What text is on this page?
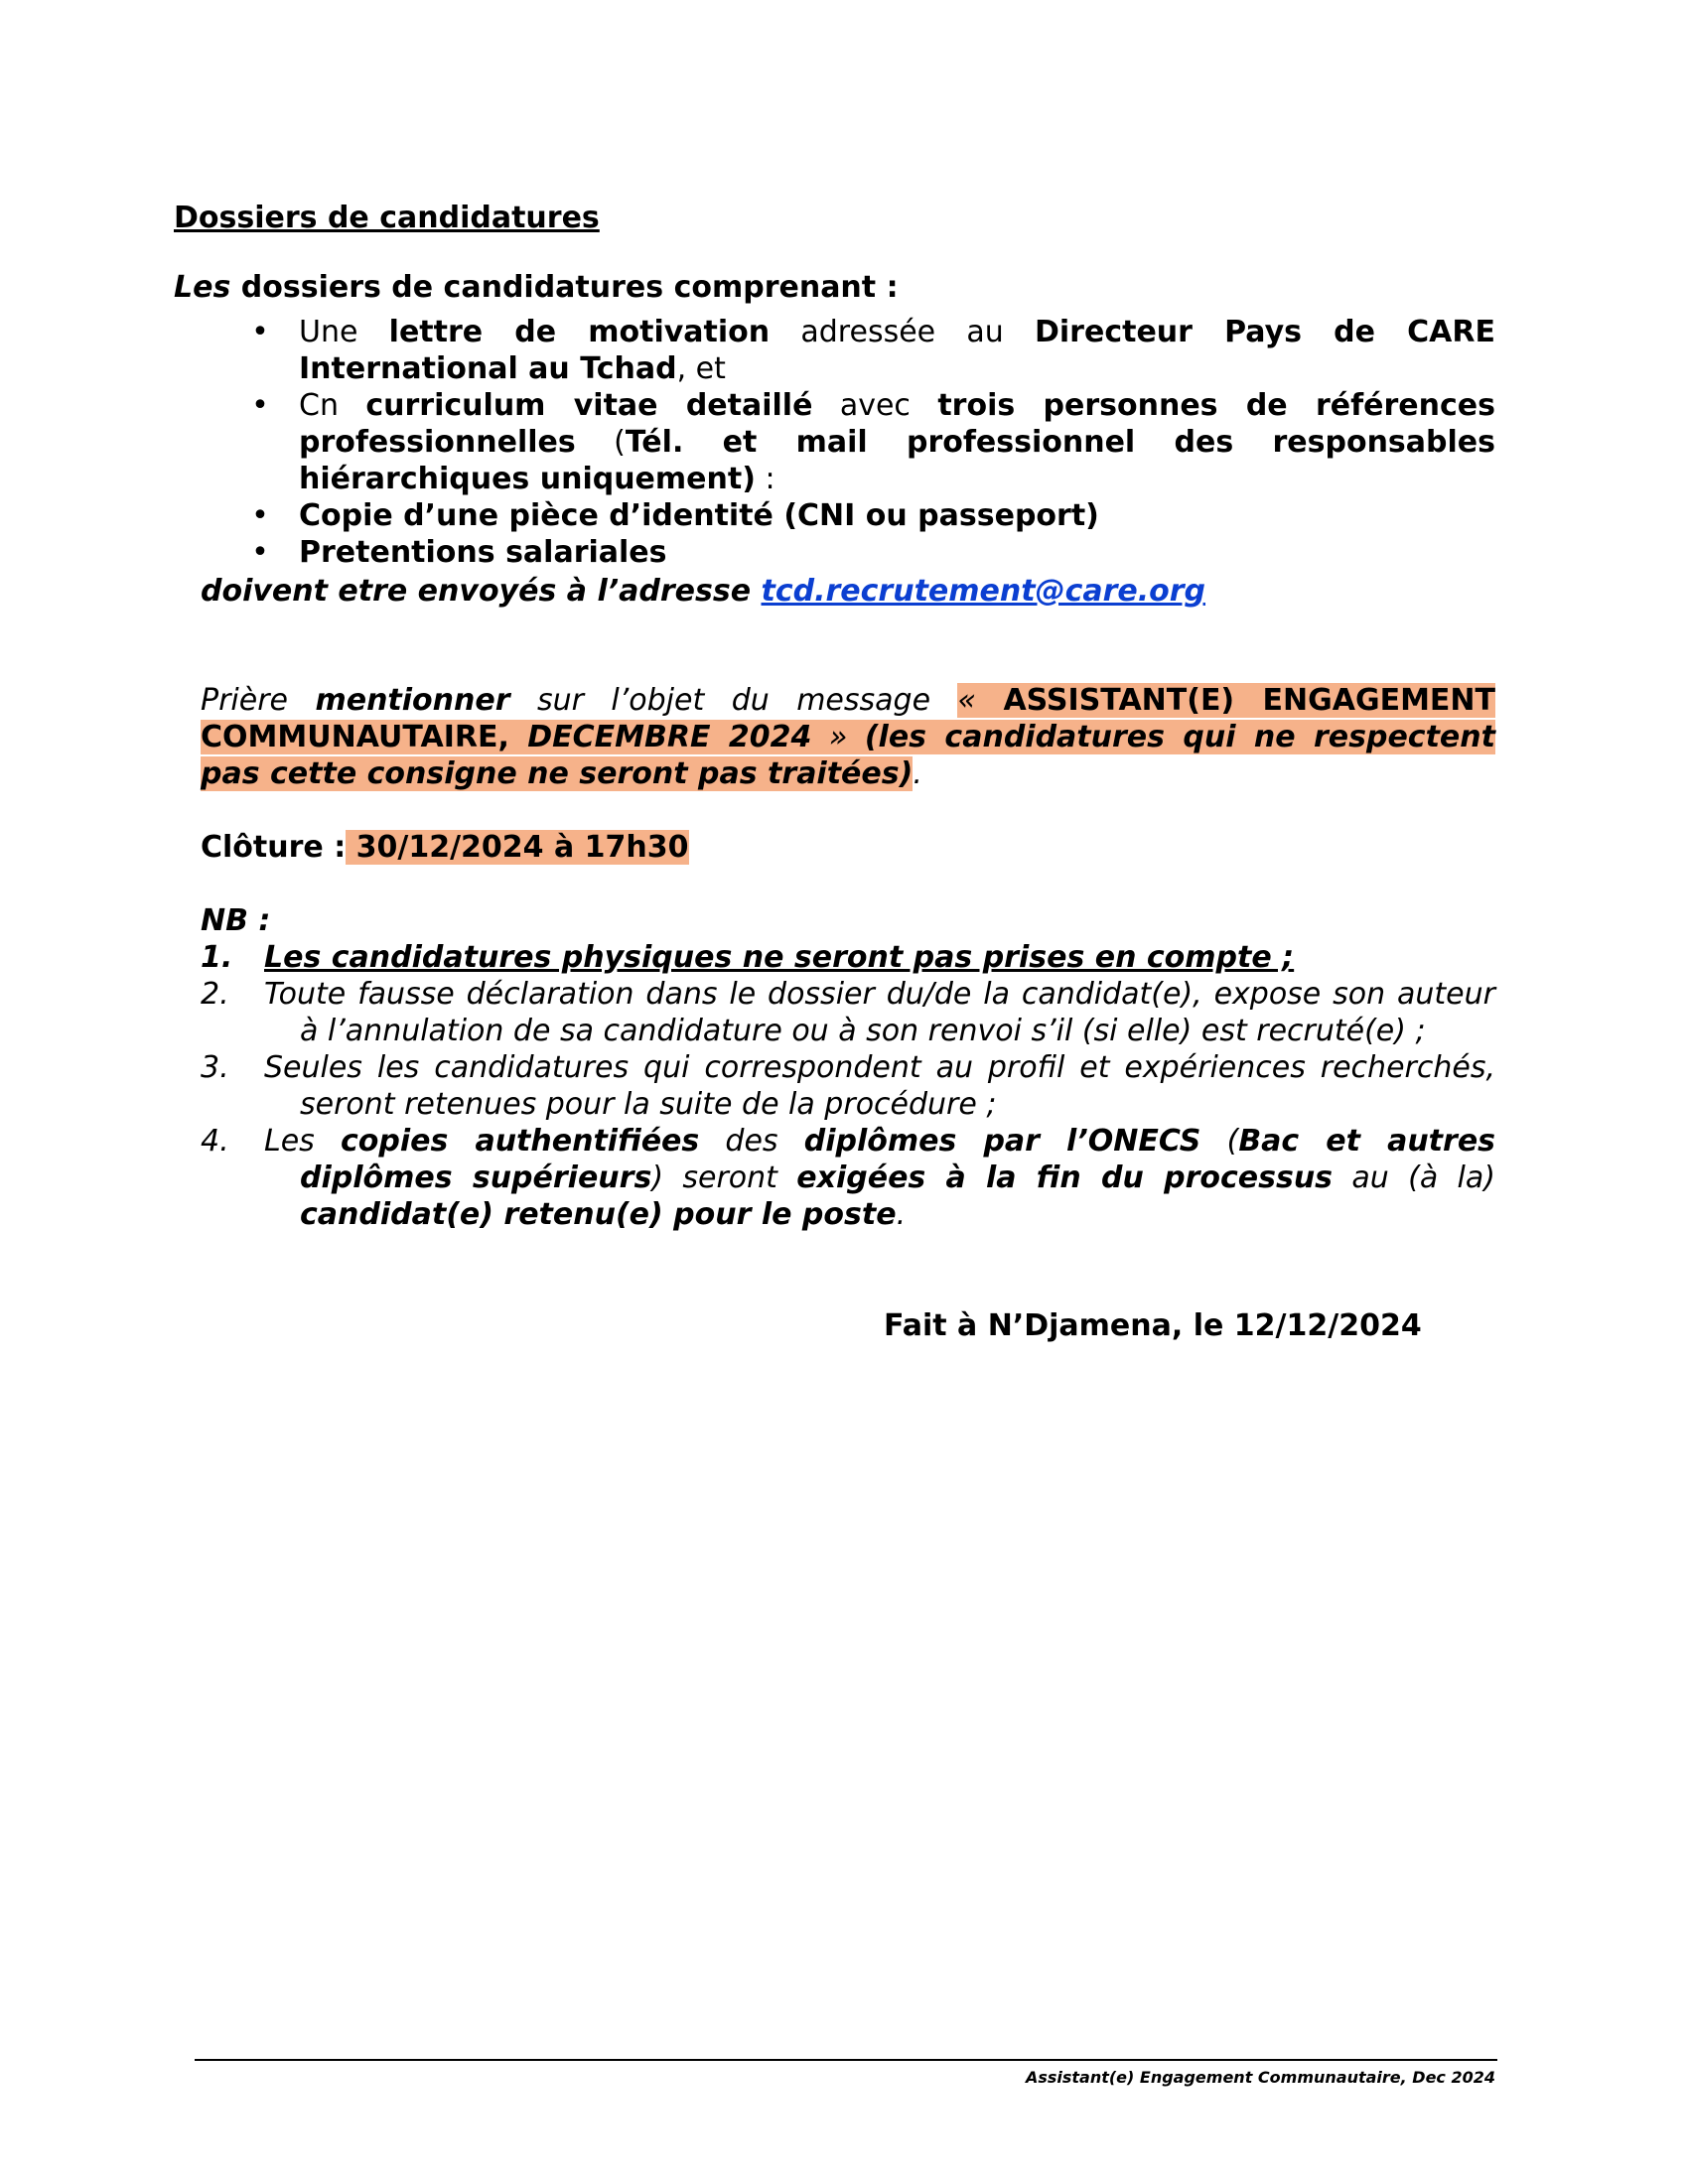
Dossiers de candidatures
Les dossiers de candidatures comprenant :
• Une lettre de motivation adressée au Directeur Pays de CARE International au Tchad, et
• Cn curriculum vitae detaillé avec trois personnes de références professionnelles (Tél. et mail professionnel des responsables hiérarchiques uniquement) :
• Copie d’une pièce d’identité (CNI ou passeport)
• Pretentions salariales
doivent etre envoyés à l’adresse tcd.recrutement@care.org
Prière mentionner sur l’objet du message « ASSISTANT(E) ENGAGEMENT COMMUNAUTAIRE, DECEMBRE 2024 » (les candidatures qui ne respectent pas cette consigne ne seront pas traitées).
Clôture : 30/12/2024 à 17h30
NB :
1. Les candidatures physiques ne seront pas prises en compte ;
2. Toute fausse déclaration dans le dossier du/de la candidat(e), expose son auteur à l’annulation de sa candidature ou à son renvoi s’il (si elle) est recruté(e) ;
3. Seules les candidatures qui correspondent au profil et expériences recherchés, seront retenues pour la suite de la procédure ;
4. Les copies authentifiées des diplômes par l’ONECS (Bac et autres diplômes supérieurs) seront exigées à la fin du processus au (à la) candidat(e) retenu(e) pour le poste.
Fait à N’Djamena, le 12/12/2024
Assistant(e) Engagement Communautaire, Dec 2024
